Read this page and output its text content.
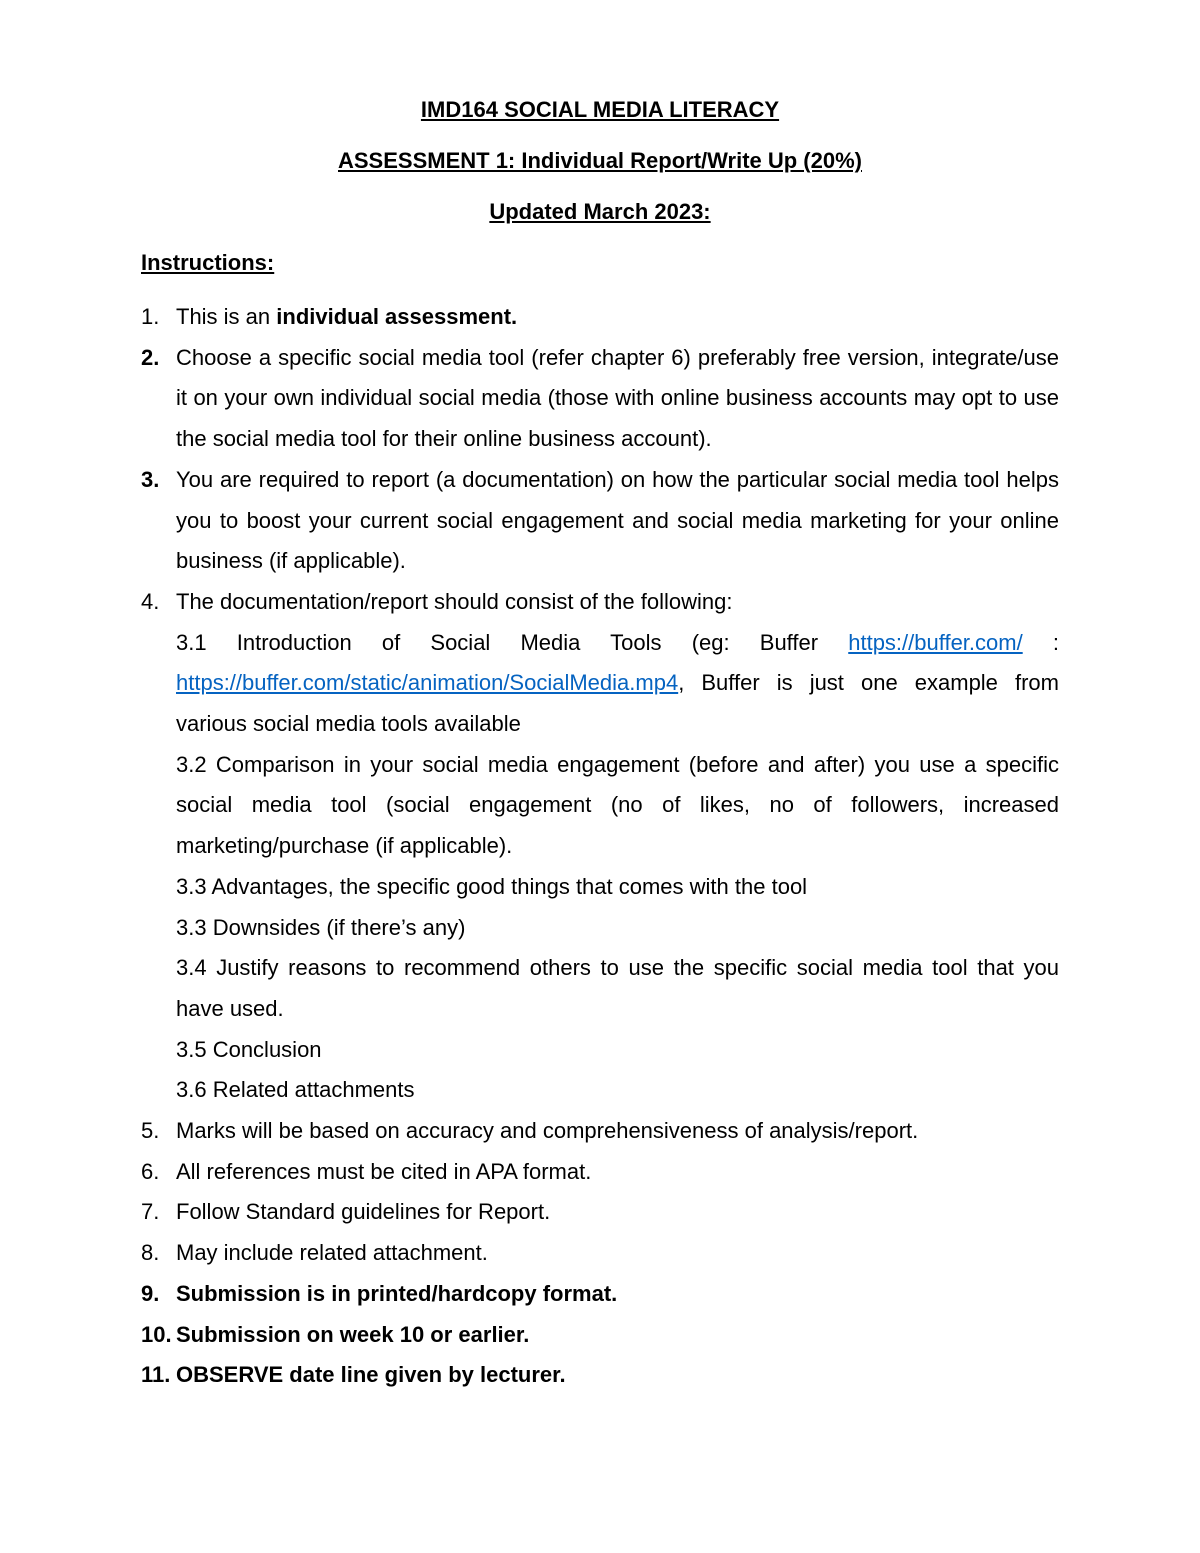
IMD164 SOCIAL MEDIA LITERACY
ASSESSMENT 1: Individual Report/Write Up (20%)
Updated March 2023:
Instructions:
1. This is an individual assessment.
2. Choose a specific social media tool (refer chapter 6) preferably free version, integrate/use it on your own individual social media (those with online business accounts may opt to use the social media tool for their online business account).
3. You are required to report (a documentation) on how the particular social media tool helps you to boost your current social engagement and social media marketing for your online business (if applicable).
4. The documentation/report should consist of the following:
3.1 Introduction of Social Media Tools (eg: Buffer https://buffer.com/ : https://buffer.com/static/animation/SocialMedia.mp4, Buffer is just one example from various social media tools available
3.2 Comparison in your social media engagement (before and after) you use a specific social media tool (social engagement (no of likes, no of followers, increased marketing/purchase (if applicable).
3.3 Advantages, the specific good things that comes with the tool
3.3 Downsides (if there’s any)
3.4 Justify reasons to recommend others to use the specific social media tool that you have used.
3.5 Conclusion
3.6 Related attachments
5. Marks will be based on accuracy and comprehensiveness of analysis/report.
6. All references must be cited in APA format.
7. Follow Standard guidelines for Report.
8. May include related attachment.
9. Submission is in printed/hardcopy format.
10. Submission on week 10 or earlier.
11. OBSERVE date line given by lecturer.
